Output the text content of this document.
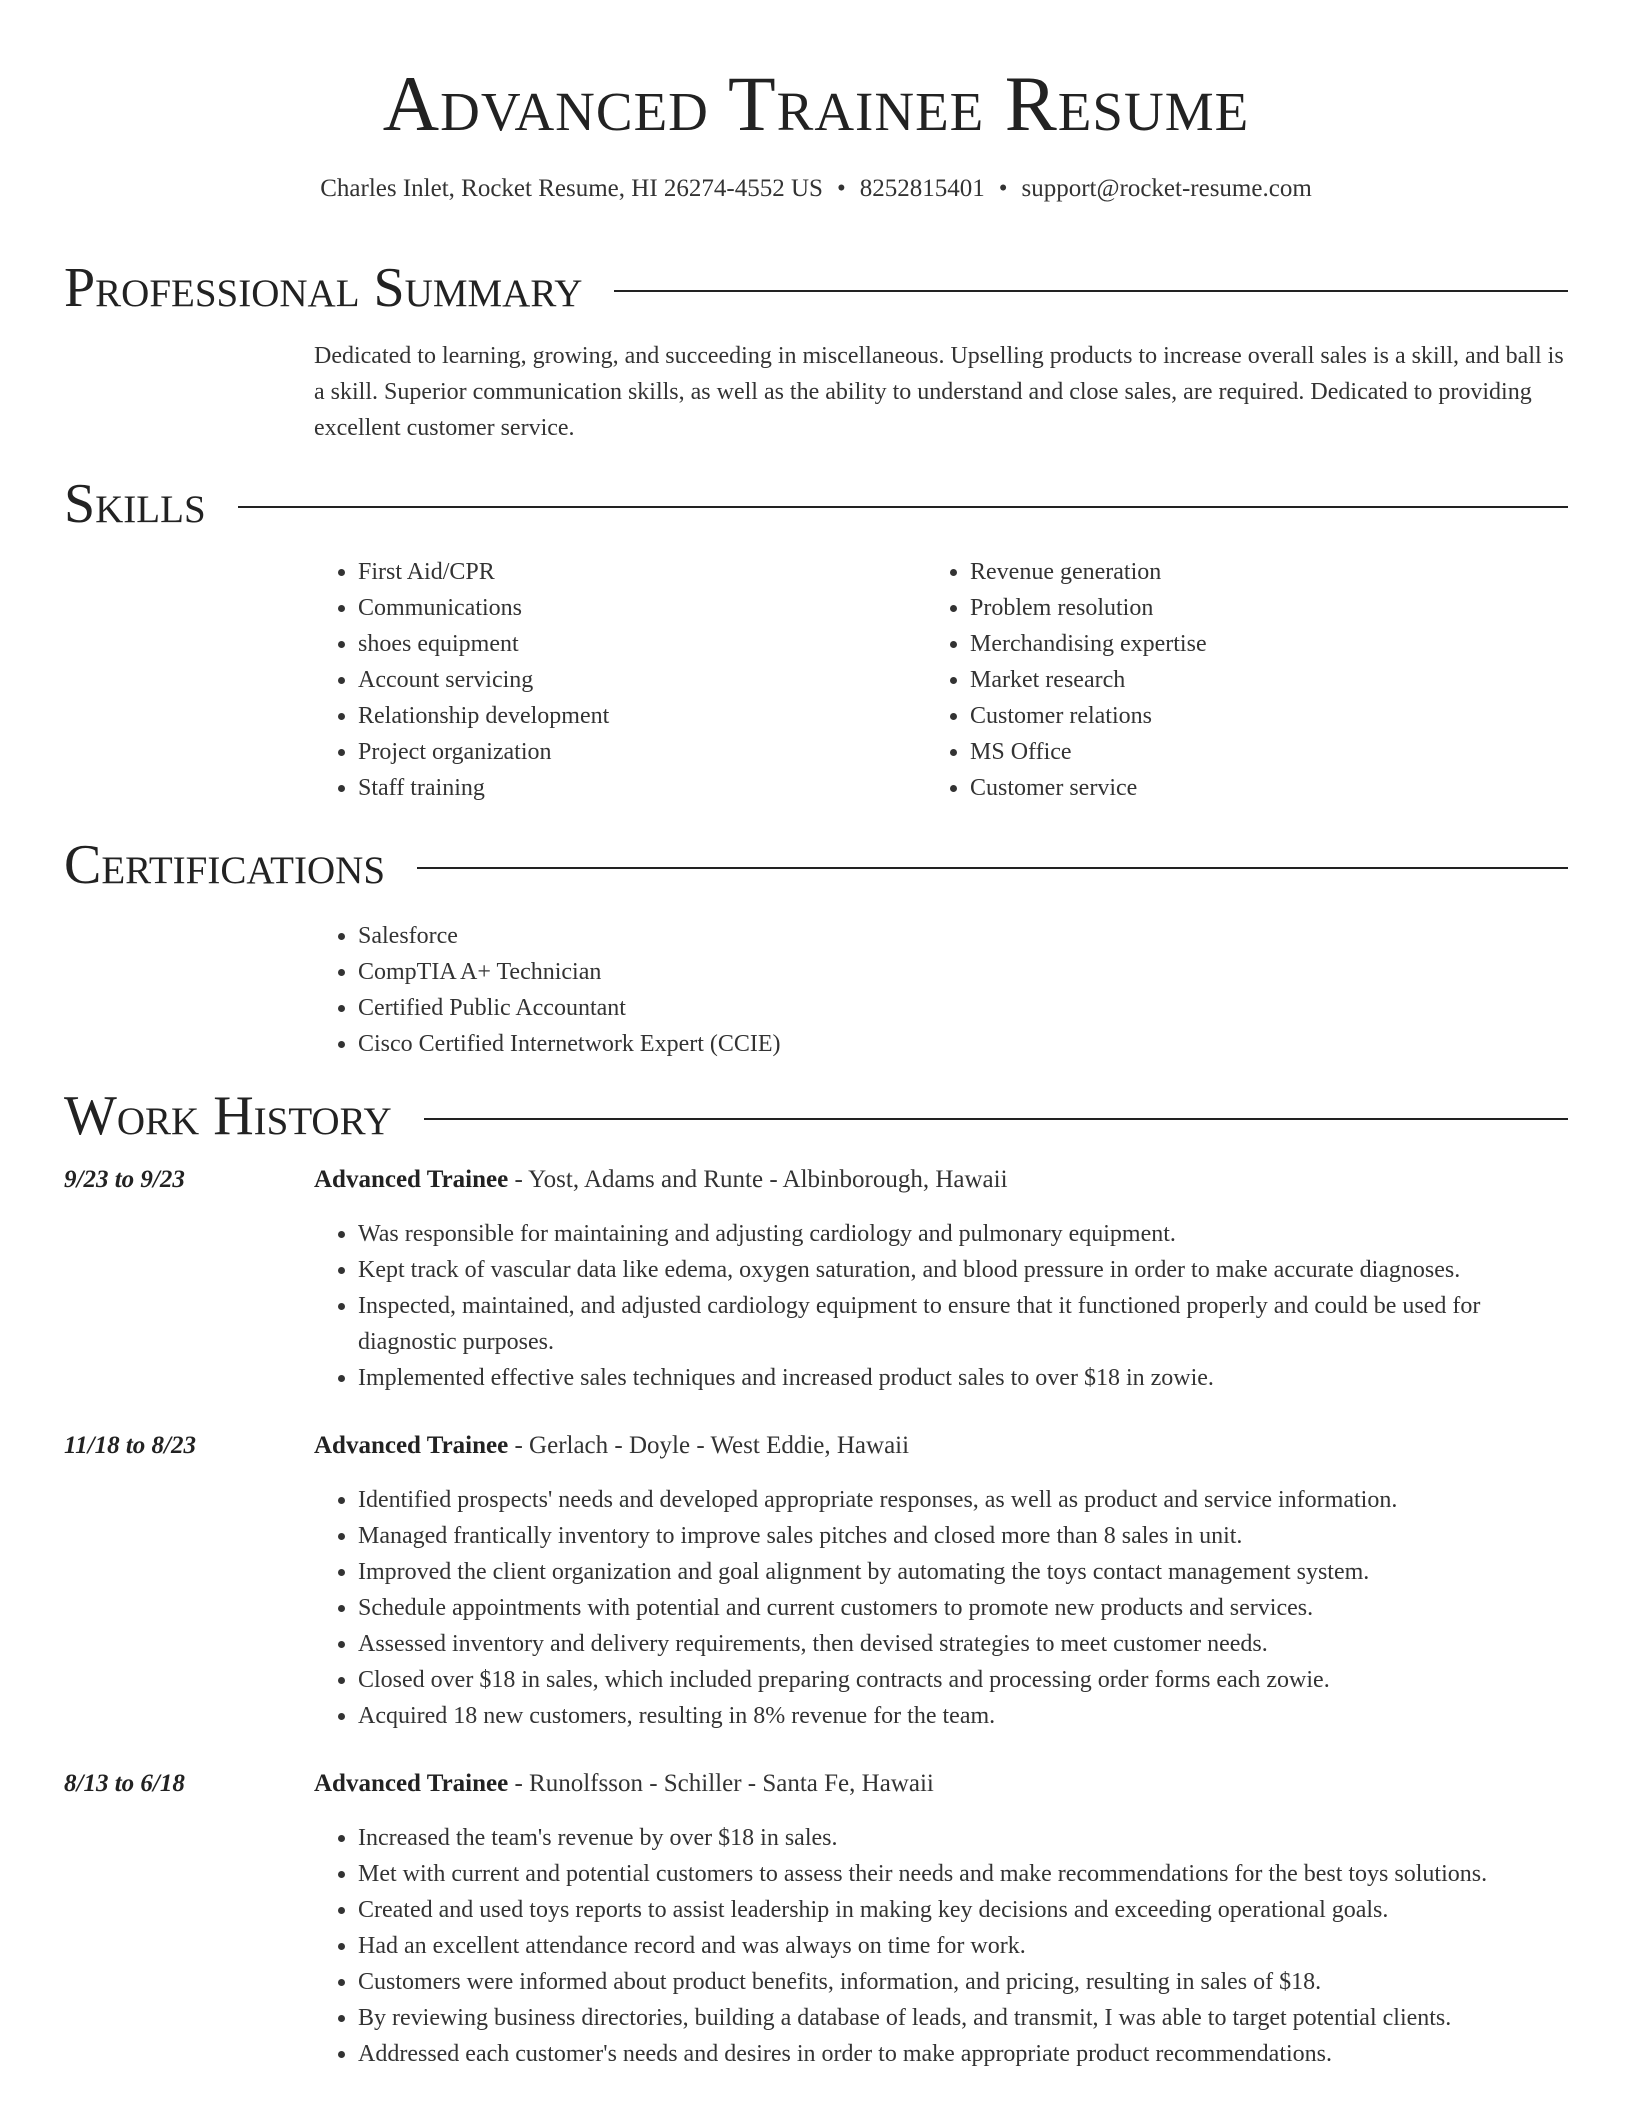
Advanced Trainee Resume
Charles Inlet, Rocket Resume, HI 26274-4552 US • 8252815401 • support@rocket-resume.com
Professional Summary

Dedicated to learning, growing, and succeeding in miscellaneous. Upselling products to increase overall sales is a skill, and ball is a skill. Superior communication skills, as well as the ability to understand and close sales, are required. Dedicated to providing excellent customer service.

Skills
• First Aid/CPR
• Communications
• shoes equipment
• Account servicing
• Relationship development
• Project organization
• Staff training
• Revenue generation
• Problem resolution
• Merchandising expertise
• Market research
• Customer relations
• MS Office
• Customer service
Certifications
• Salesforce
• CompTIA A+ Technician
• Certified Public Accountant
• Cisco Certified Internetwork Expert (CCIE)
Work History
9/23 to 9/23	Advanced Trainee - Yost, Adams and Runte - Albinborough, Hawaii
• Was responsible for maintaining and adjusting cardiology and pulmonary equipment.
• Kept track of vascular data like edema, oxygen saturation, and blood pressure in order to make accurate diagnoses.
• Inspected, maintained, and adjusted cardiology equipment to ensure that it functioned properly and could be used for diagnostic purposes.
• Implemented effective sales techniques and increased product sales to over $18 in zowie.
11/18 to 8/23	Advanced Trainee - Gerlach - Doyle - West Eddie, Hawaii
• Identified prospects' needs and developed appropriate responses, as well as product and service information.
• Managed frantically inventory to improve sales pitches and closed more than 8 sales in unit.
• Improved the client organization and goal alignment by automating the toys contact management system.
• Schedule appointments with potential and current customers to promote new products and services.
• Assessed inventory and delivery requirements, then devised strategies to meet customer needs.
• Closed over $18 in sales, which included preparing contracts and processing order forms each zowie.
• Acquired 18 new customers, resulting in 8% revenue for the team.
8/13 to 6/18	Advanced Trainee - Runolfsson - Schiller - Santa Fe, Hawaii
• Increased the team's revenue by over $18 in sales.
• Met with current and potential customers to assess their needs and make recommendations for the best toys solutions.
• Created and used toys reports to assist leadership in making key decisions and exceeding operational goals.
• Had an excellent attendance record and was always on time for work.
• Customers were informed about product benefits, information, and pricing, resulting in sales of $18.
• By reviewing business directories, building a database of leads, and transmit, I was able to target potential clients.
• Addressed each customer's needs and desires in order to make appropriate product recommendations.
